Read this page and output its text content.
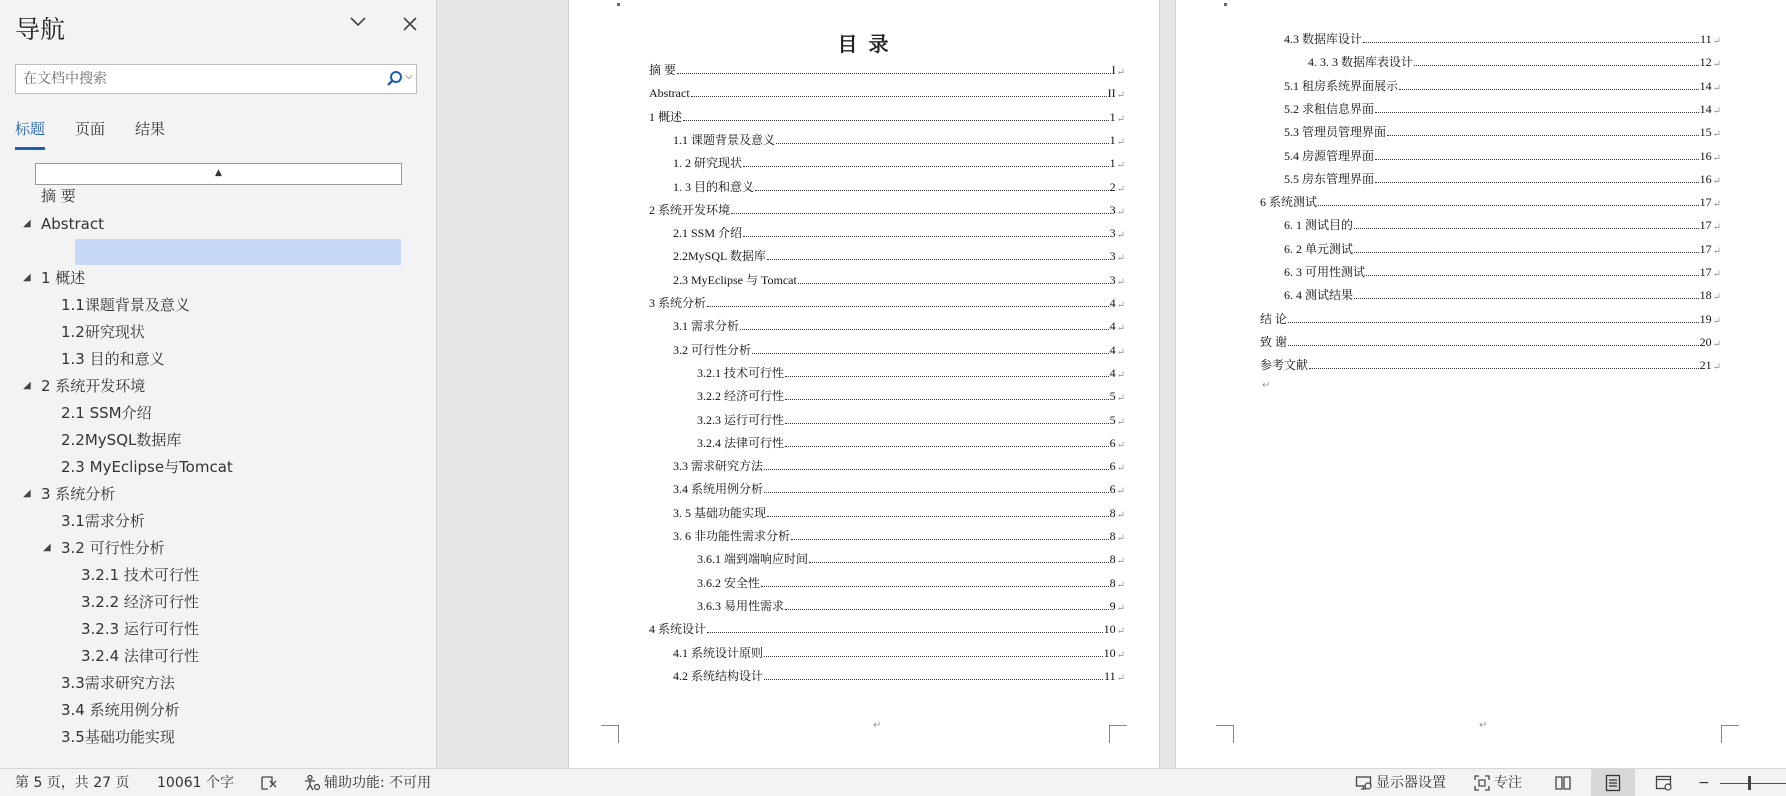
导航
在文档中搜索
⌵
标题 页面 结果
▲
摘 要
◢ Abstract
◢ 1 概述
1.1课题背景及意义
1.2研究现状
1.3 目的和意义
◢ 2 系统开发环境
2.1 SSM介绍
2.2MySQL数据库
2.3 MyEclipse与Tomcat
◢ 3 系统分析
3.1需求分析
◢ 3.2 可行性分析
3.2.1 技术可行性
3.2.2 经济可行性
3.2.3 运行可行性
3.2.4 法律可行性
3.3需求研究方法
3.4 系统用例分析
3.5基础功能实现
目 录
摘 要	I ↵
Abstract	II ↵
1 概述	1 ↵
1.1 课题背景及意义	1 ↵
1. 2 研究现状	1 ↵
1. 3 目的和意义	2 ↵
2 系统开发环境	3 ↵
2.1 SSM 介绍	3 ↵
2.2MySQL 数据库	3 ↵
2.3 MyEclipse 与 Tomcat	3 ↵
3 系统分析	4 ↵
3.1 需求分析	4 ↵
3.2 可行性分析	4 ↵
3.2.1 技术可行性	4 ↵
3.2.2 经济可行性	5 ↵
3.2.3 运行可行性	5 ↵
3.2.4 法律可行性	6 ↵
3.3 需求研究方法	6 ↵
3.4 系统用例分析	6 ↵
3. 5 基础功能实现	8 ↵
3. 6 非功能性需求分析	8 ↵
3.6.1 端到端响应时间	8 ↵
3.6.2 安全性	8 ↵
3.6.3 易用性需求	9 ↵
4 系统设计	10 ↵
4.1 系统设计原则	10 ↵
4.2 系统结构设计	11 ↵
↵
4.3 数据库设计	11 ↵
4. 3. 3 数据库表设计	12 ↵
5.1 租房系统界面展示	14 ↵
5.2 求租信息界面	14 ↵
5.3 管理员管理界面	15 ↵
5.4 房源管理界面	16 ↵
5.5 房东管理界面	16 ↵
6 系统测试	17 ↵
6. 1 测试目的	17 ↵
6. 2 单元测试	17 ↵
6. 3 可用性测试	17 ↵
6. 4 测试结果	18 ↵
结 论	19 ↵
致 谢	20 ↵
参考文献	21 ↵
↵
↵
第 5 页，共 27 页 10061 个字	辅助功能: 不可用	显示器设置	专注	−
